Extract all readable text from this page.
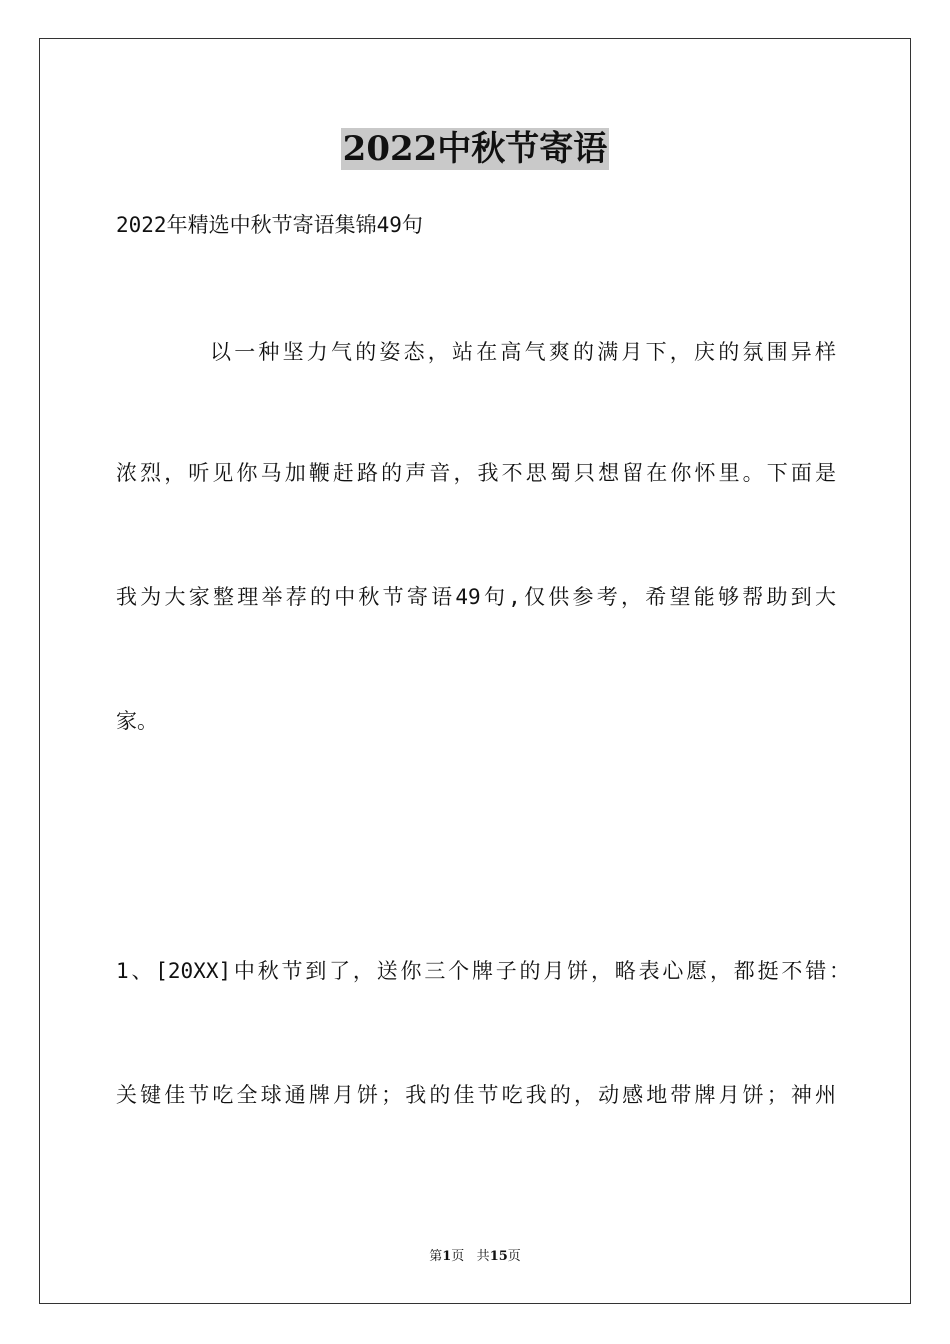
2022中秋节寄语
2022年精选中秋节寄语集锦49句
以一种坚力气的姿态，站在高气爽的满月下，庆的氛围异样
浓烈，听见你马加鞭赶路的声音，我不思蜀只想留在你怀里。下面是
我为大家整理举荐的中秋节寄语49句,仅供参考，希望能够帮助到大
家。
1、[20XX]中秋节到了，送你三个牌子的月饼，略表心愿，都挺不错：
关键佳节吃全球通牌月饼；我的佳节吃我的，动感地带牌月饼；神州
第1页 共15页
